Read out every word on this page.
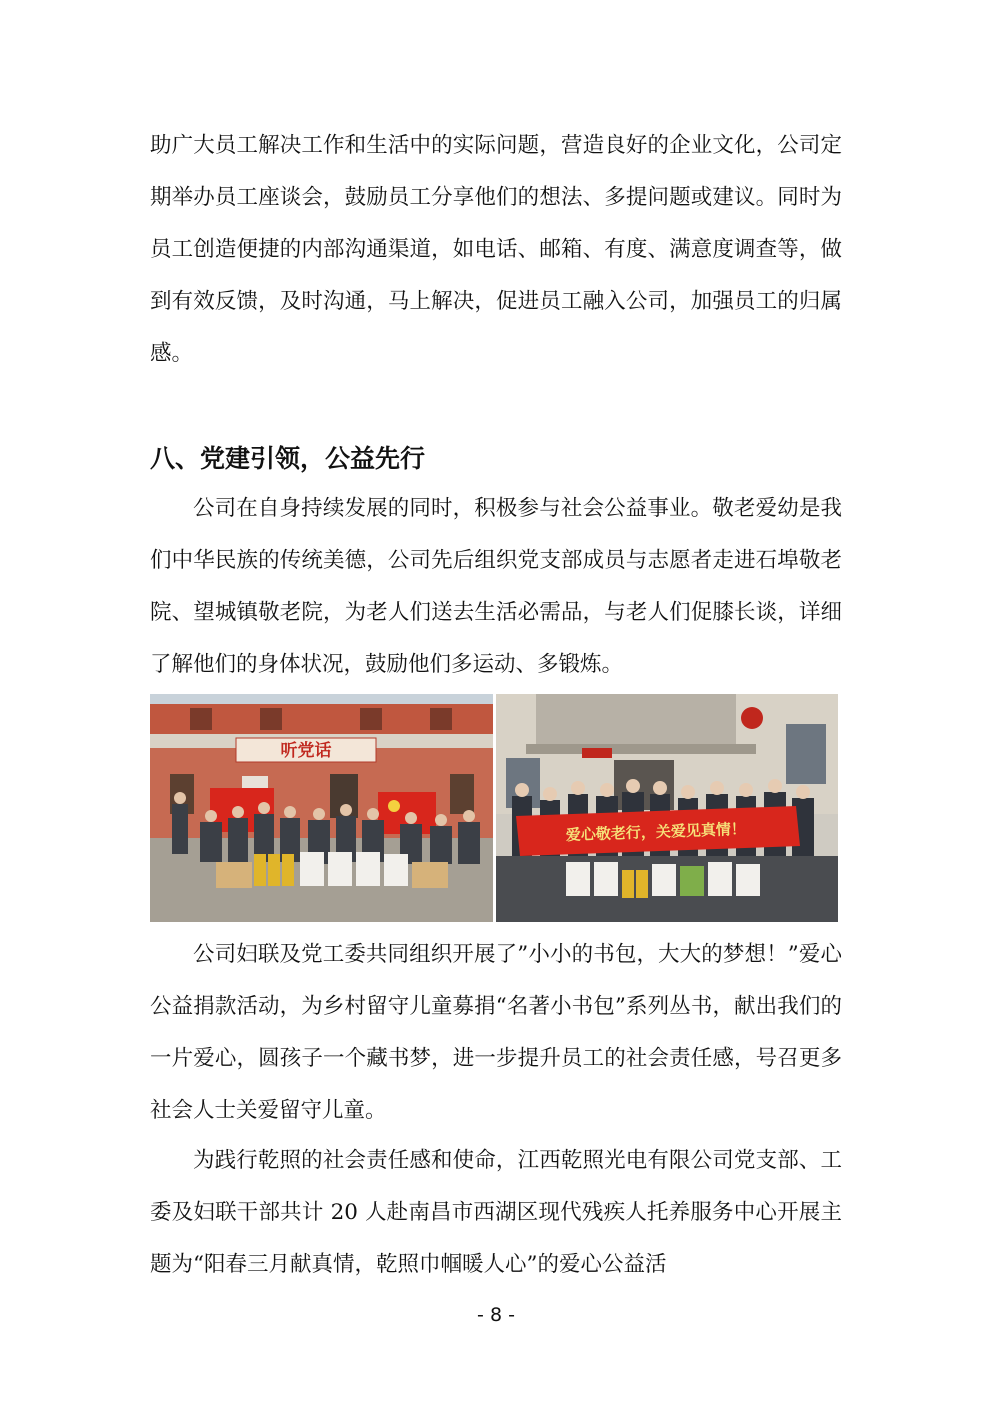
助广大员工解决工作和生活中的实际问题，营造良好的企业文化，公司定期举办员工座谈会，鼓励员工分享他们的想法、多提问题或建议。同时为员工创造便捷的内部沟通渠道，如电话、邮箱、有度、满意度调查等，做到有效反馈，及时沟通，马上解决，促进员工融入公司，加强员工的归属感。

八、党建引领，公益先行

公司在自身持续发展的同时，积极参与社会公益事业。敬老爱幼是我们中华民族的传统美德，公司先后组织党支部成员与志愿者走进石埠敬老院、望城镇敬老院，为老人们送去生活必需品，与老人们促膝长谈，详细了解他们的身体状况，鼓励他们多运动、多锻炼。

听党话
爱心敬老行，关爱见真情！

公司妇联及党工委共同组织开展了”小小的书包，大大的梦想！”爱心公益捐款活动，为乡村留守儿童募捐“名著小书包”系列丛书，献出我们的一片爱心，圆孩子一个藏书梦，进一步提升员工的社会责任感，号召更多社会人士关爱留守儿童。

为践行乾照的社会责任感和使命，江西乾照光电有限公司党支部、工委及妇联干部共计 20 人赴南昌市西湖区现代残疾人托养服务中心开展主题为“阳春三月献真情，乾照巾帼暖人心”的爱心公益活

- 8 -
